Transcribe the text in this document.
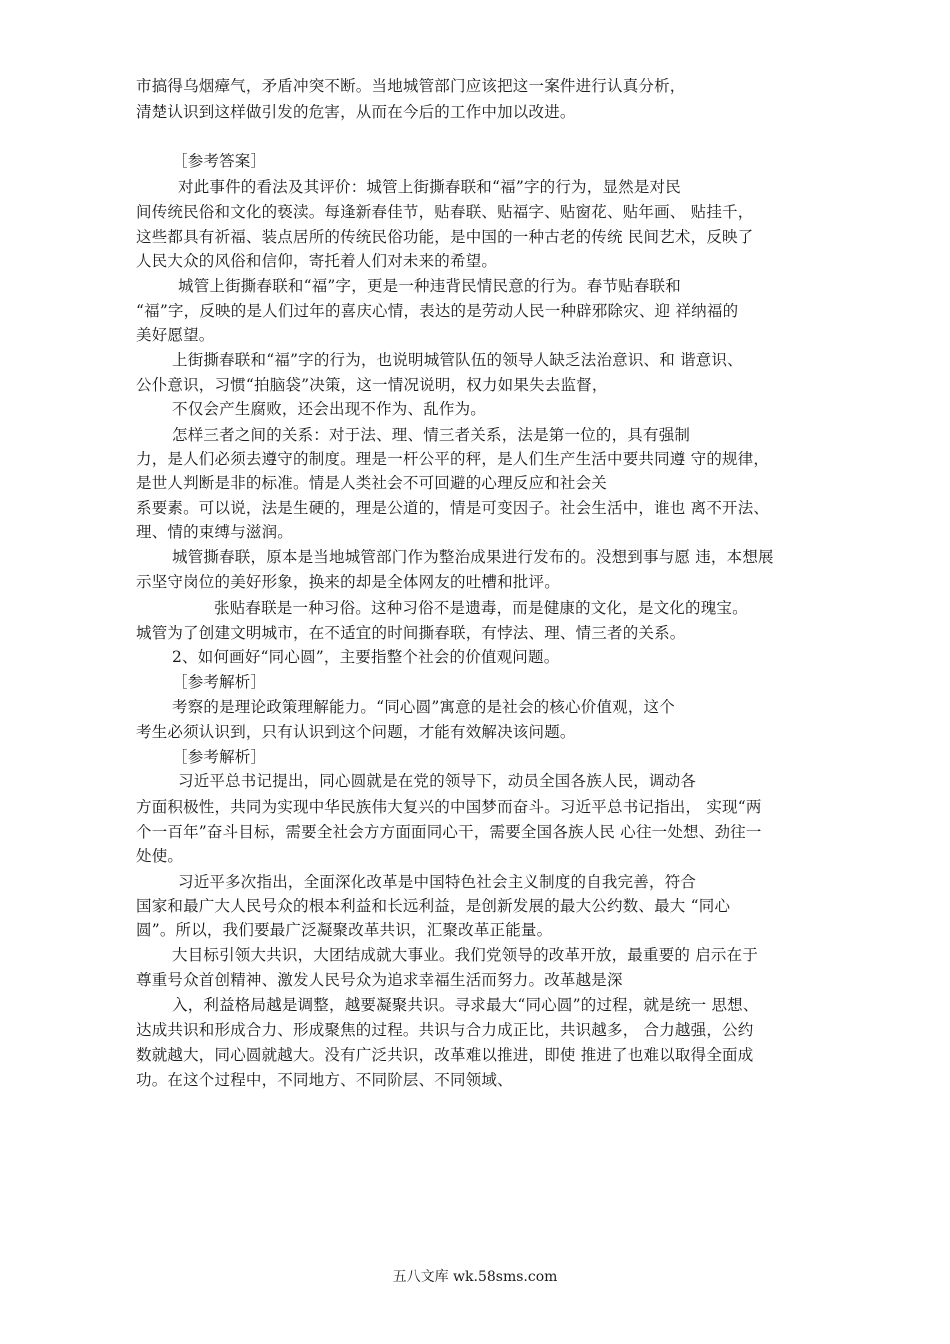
市搞得乌烟瘴气，矛盾冲突不断。当地城管部门应该把这一案件进行认真分析，
清楚认识到这样做引发的危害，从而在今后的工作中加以改进。
［参考答案］
对此事件的看法及其评价：城管上街撕春联和“福”字的行为，显然是对民
间传统民俗和文化的亵渎。每逢新春佳节，贴春联、贴福字、贴窗花、贴年画、 贴挂千，
这些都具有祈福、装点居所的传统民俗功能，是中国的一种古老的传统 民间艺术，反映了
人民大众的风俗和信仰，寄托着人们对未来的希望。
城管上街撕春联和“福”字，更是一种违背民情民意的行为。春节贴春联和
“福”字，反映的是人们过年的喜庆心情，表达的是劳动人民一种辟邪除灾、迎 祥纳福的
美好愿望。
上街撕春联和“福”字的行为，也说明城管队伍的领导人缺乏法治意识、和 谐意识、
公仆意识，习惯“拍脑袋”决策，这一情况说明，权力如果失去监督，
不仅会产生腐败，还会出现不作为、乱作为。
怎样三者之间的关系：对于法、理、情三者关系，法是第一位的，具有强制
力，是人们必须去遵守的制度。理是一杆公平的秤，是人们生产生活中要共同遵 守的规律，
是世人判断是非的标准。情是人类社会不可回避的心理反应和社会关
系要素。可以说，法是生硬的，理是公道的，情是可变因子。社会生活中，谁也 离不开法、
理、情的束缚与滋润。
城管撕春联，原本是当地城管部门作为整治成果进行发布的。没想到事与愿 违，本想展
示坚守岗位的美好形象，换来的却是全体网友的吐槽和批评。
张贴春联是一种习俗。这种习俗不是遗毒，而是健康的文化，是文化的瑰宝。
城管为了创建文明城市，在不适宜的时间撕春联，有悖法、理、情三者的关系。
2、如何画好“同心圆”，主要指整个社会的价值观问题。
［参考解析］
考察的是理论政策理解能力。“同心圆”寓意的是社会的核心价值观，这个
考生必须认识到，只有认识到这个问题，才能有效解决该问题。
［参考解析］
习近平总书记提出，同心圆就是在党的领导下，动员全国各族人民，调动各
方面积极性，共同为实现中华民族伟大复兴的中国梦而奋斗。习近平总书记指出， 实现“两
个一百年”奋斗目标，需要全社会方方面面同心干，需要全国各族人民 心往一处想、劲往一
处使。
习近平多次指出，全面深化改革是中国特色社会主义制度的自我完善，符合
国家和最广大人民号众的根本利益和长远利益，是创新发展的最大公约数、最大 “同心
圆”。所以，我们要最广泛凝聚改革共识，汇聚改革正能量。
大目标引领大共识，大团结成就大事业。我们党领导的改革开放，最重要的 启示在于
尊重号众首创精神、激发人民号众为追求幸福生活而努力。改革越是深
入，利益格局越是调整，越要凝聚共识。寻求最大“同心圆”的过程，就是统一 思想、
达成共识和形成合力、形成聚焦的过程。共识与合力成正比，共识越多， 合力越强，公约
数就越大，同心圆就越大。没有广泛共识，改革难以推进，即使 推进了也难以取得全面成
功。在这个过程中，不同地方、不同阶层、不同领域、
五八文库 wk.58sms.com
